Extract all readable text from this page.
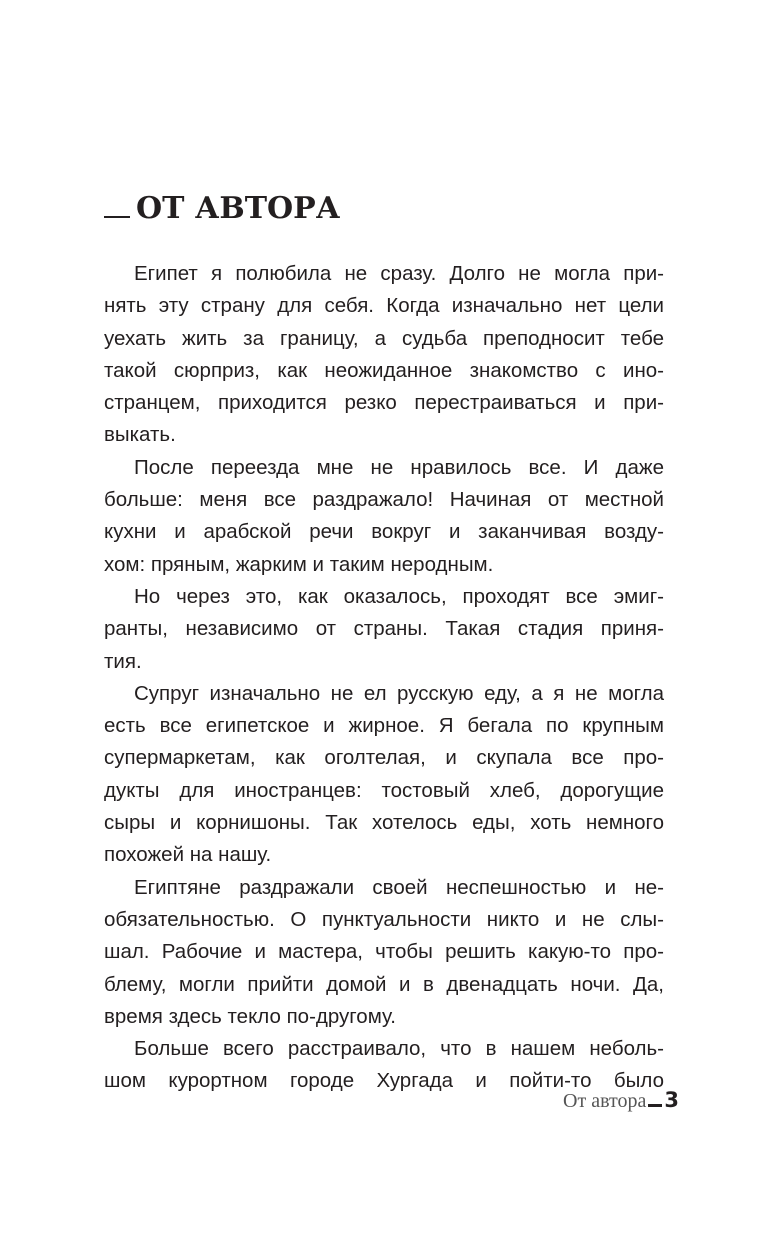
ОТ АВТОРА
Египет я полюбила не сразу. Долго не могла при-
нять эту страну для себя. Когда изначально нет цели
уехать жить за границу, а судьба преподносит тебе
такой сюрприз, как неожиданное знакомство с ино-
странцем, приходится резко перестраиваться и при-
выкать.
После переезда мне не нравилось все. И даже
больше: меня все раздражало! Начиная от местной
кухни и арабской речи вокруг и заканчивая возду-
хом: пряным, жарким и таким неродным.
Но через это, как оказалось, проходят все эмиг-
ранты, независимо от страны. Такая стадия приня-
тия.
Супруг изначально не ел русскую еду, а я не могла
есть все египетское и жирное. Я бегала по крупным
супермаркетам, как оголтелая, и скупала все про-
дукты для иностранцев: тостовый хлеб, дорогущие
сыры и корнишоны. Так хотелось еды, хоть немного
похожей на нашу.
Египтяне раздражали своей неспешностью и не-
обязательностью. О пунктуальности никто и не слы-
шал. Рабочие и мастера, чтобы решить какую-то про-
блему, могли прийти домой и в двенадцать ночи. Да,
время здесь текло по-другому.
Больше всего расстраивало, что в нашем неболь-
шом курортном городе Хургада и пойти-то было
От автора 3
